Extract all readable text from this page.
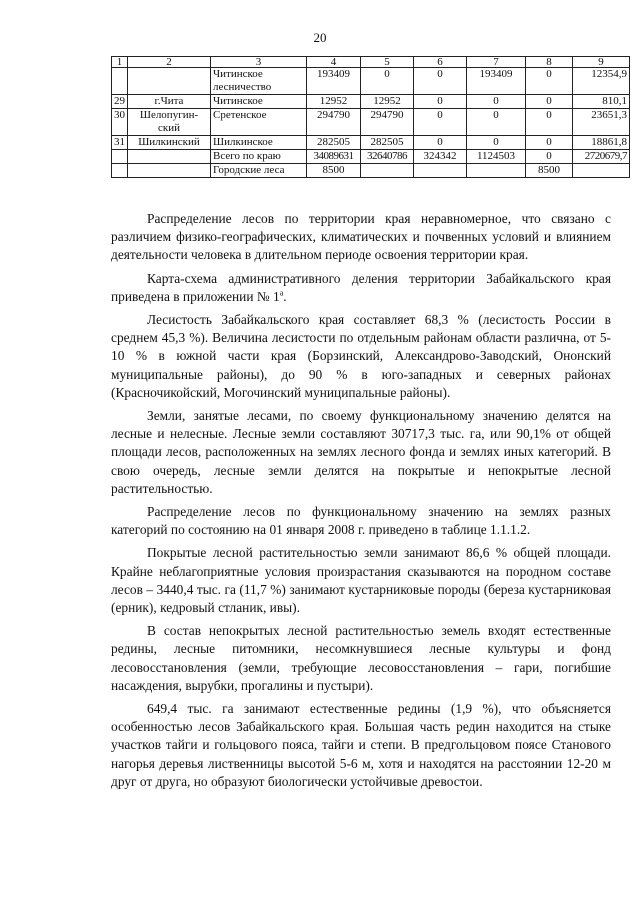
20
1	2	3	4	5	6	7	8	9
		Читинское лесничество	193409	0	0	193409	0	12354,9
29	г.Чита	Читинское	12952	12952	0	0	0	810,1
30	Шелопугин-ский	Сретенское	294790	294790	0	0	0	23651,3
31	Шилкинский	Шилкинское	282505	282505	0	0	0	18861,8
		Всего по краю	34089631	32640786	324342	1124503	0	2720679,7
		Городские леса	8500				8500	

Распределение лесов по территории края неравномерное, что связано с различием физико-географических, климатических и почвенных условий и влиянием деятельности человека в длительном периоде освоения территории края.

Карта-схема административного деления территории Забайкальского края приведена в приложении № $1^а$.

Лесистость Забайкальского края составляет 68,3 % (лесистость России в среднем 45,3 %). Величина лесистости по отдельным районам области различна, от 5-10 % в южной части края (Борзинский, Александрово-Заводский, Ононский муниципальные районы), до 90 % в юго-западных и северных районах (Красночикойский, Могочинский муниципальные районы).

Земли, занятые лесами, по своему функциональному значению делятся на лесные и нелесные. Лесные земли составляют 30717,3 тыс. га, или 90,1% от общей площади лесов, расположенных на землях лесного фонда и землях иных категорий. В свою очередь, лесные земли делятся на покрытые и непокрытые лесной растительностью.

Распределение лесов по функциональному значению на землях разных категорий по состоянию на 01 января 2008 г. приведено в таблице 1.1.1.2.

Покрытые лесной растительностью земли занимают 86,6 % общей площади. Крайне неблагоприятные условия произрастания сказываются на породном составе лесов – 3440,4 тыс. га (11,7 %) занимают кустарниковые породы (береза кустарниковая (ерник), кедровый стланик, ивы).

В состав непокрытых лесной растительностью земель входят естественные редины, лесные питомники, несомкнувшиеся лесные культуры и фонд лесовосстановления (земли, требующие лесовосстановления – гари, погибшие насаждения, вырубки, прогалины и пустыри).

649,4 тыс. га занимают естественные редины (1,9 %), что объясняется особенностью лесов Забайкальского края. Большая часть редин находится на стыке участков тайги и гольцового пояса, тайги и степи. В предгольцовом поясе Станового нагорья деревья лиственницы высотой 5-6 м, хотя и находятся на расстоянии 12-20 м друг от друга, но образуют биологически устойчивые древостои.
